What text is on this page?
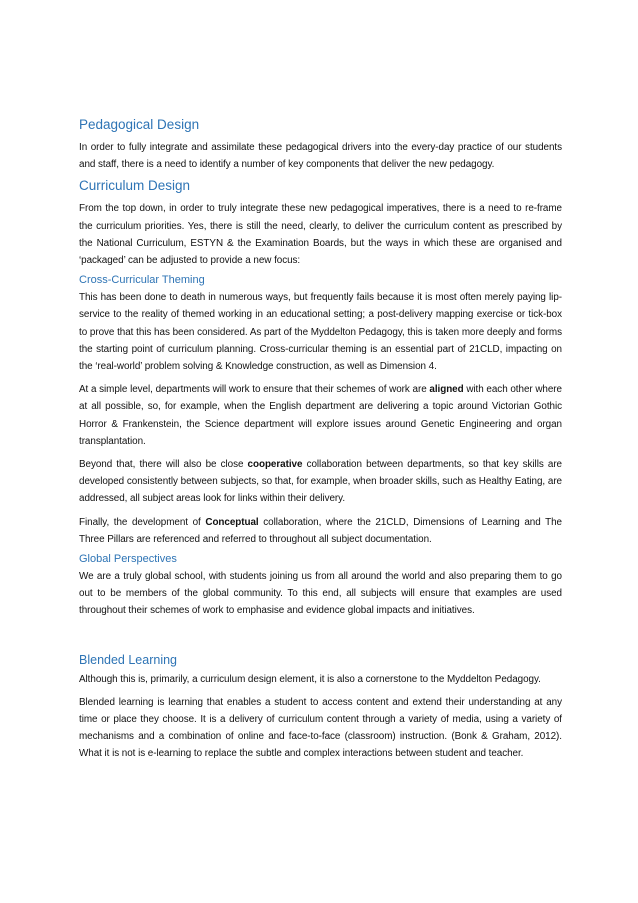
Pedagogical Design

In order to fully integrate and assimilate these pedagogical drivers into the every-day practice of our students and staff, there is a need to identify a number of key components that deliver the new pedagogy.

Curriculum Design

From the top down, in order to truly integrate these new pedagogical imperatives, there is a need to re-frame the curriculum priorities. Yes, there is still the need, clearly, to deliver the curriculum content as prescribed by the National Curriculum, ESTYN & the Examination Boards, but the ways in which these are organised and ‘packaged’ can be adjusted to provide a new focus:

Cross-Curricular Theming

This has been done to death in numerous ways, but frequently fails because it is most often merely paying lip-service to the reality of themed working in an educational setting; a post-delivery mapping exercise or tick-box to prove that this has been considered. As part of the Myddelton Pedagogy, this is taken more deeply and forms the starting point of curriculum planning. Cross-curricular theming is an essential part of 21CLD, impacting on the ‘real-world’ problem solving & Knowledge construction, as well as Dimension 4.

At a simple level, departments will work to ensure that their schemes of work are aligned with each other where at all possible, so, for example, when the English department are delivering a topic around Victorian Gothic Horror & Frankenstein, the Science department will explore issues around Genetic Engineering and organ transplantation.

Beyond that, there will also be close cooperative collaboration between departments, so that key skills are developed consistently between subjects, so that, for example, when broader skills, such as Healthy Eating, are addressed, all subject areas look for links within their delivery.

Finally, the development of Conceptual collaboration, where the 21CLD, Dimensions of Learning and The Three Pillars are referenced and referred to throughout all subject documentation.

Global Perspectives

We are a truly global school, with students joining us from all around the world and also preparing them to go out to be members of the global community. To this end, all subjects will ensure that examples are used throughout their schemes of work to emphasise and evidence global impacts and initiatives.

Blended Learning

Although this is, primarily, a curriculum design element, it is also a cornerstone to the Myddelton Pedagogy.

Blended learning is learning that enables a student to access content and extend their understanding at any time or place they choose. It is a delivery of curriculum content through a variety of media, using a variety of mechanisms and a combination of online and face-to-face (classroom) instruction. (Bonk & Graham, 2012). What it is not is e-learning to replace the subtle and complex interactions between student and teacher.
